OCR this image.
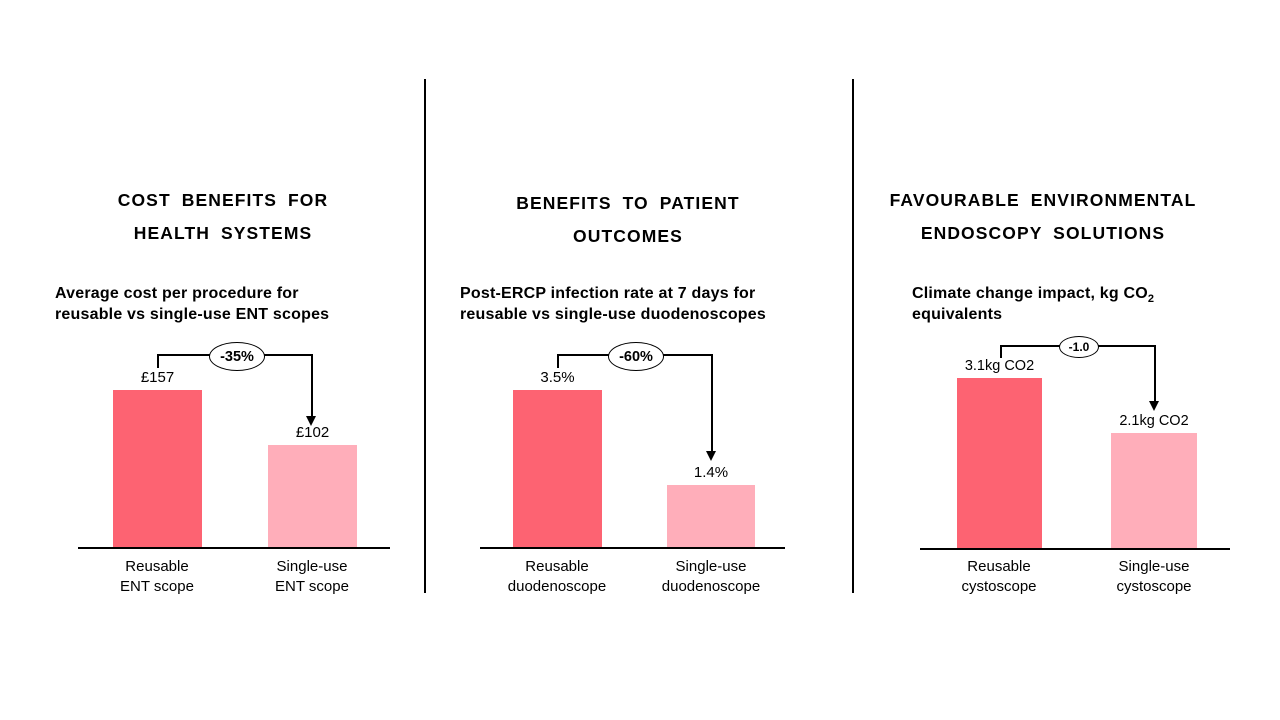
COST BENEFITS FOR
HEALTH SYSTEMS
Average cost per procedure for
reusable vs single-use ENT scopes
-35%
£157
£102
Reusable
ENT scope
Single-use
ENT scope
BENEFITS TO PATIENT
OUTCOMES
Post-ERCP infection rate at 7 days for
reusable vs single-use duodenoscopes
-60%
3.5%
1.4%
Reusable
duodenoscope
Single-use
duodenoscope
FAVOURABLE ENVIRONMENTAL
ENDOSCOPY SOLUTIONS
Climate change impact, kg $CO_2$
equivalents
-1.0
3.1kg CO2
2.1kg CO2
Reusable
cystoscope
Single-use
cystoscope
